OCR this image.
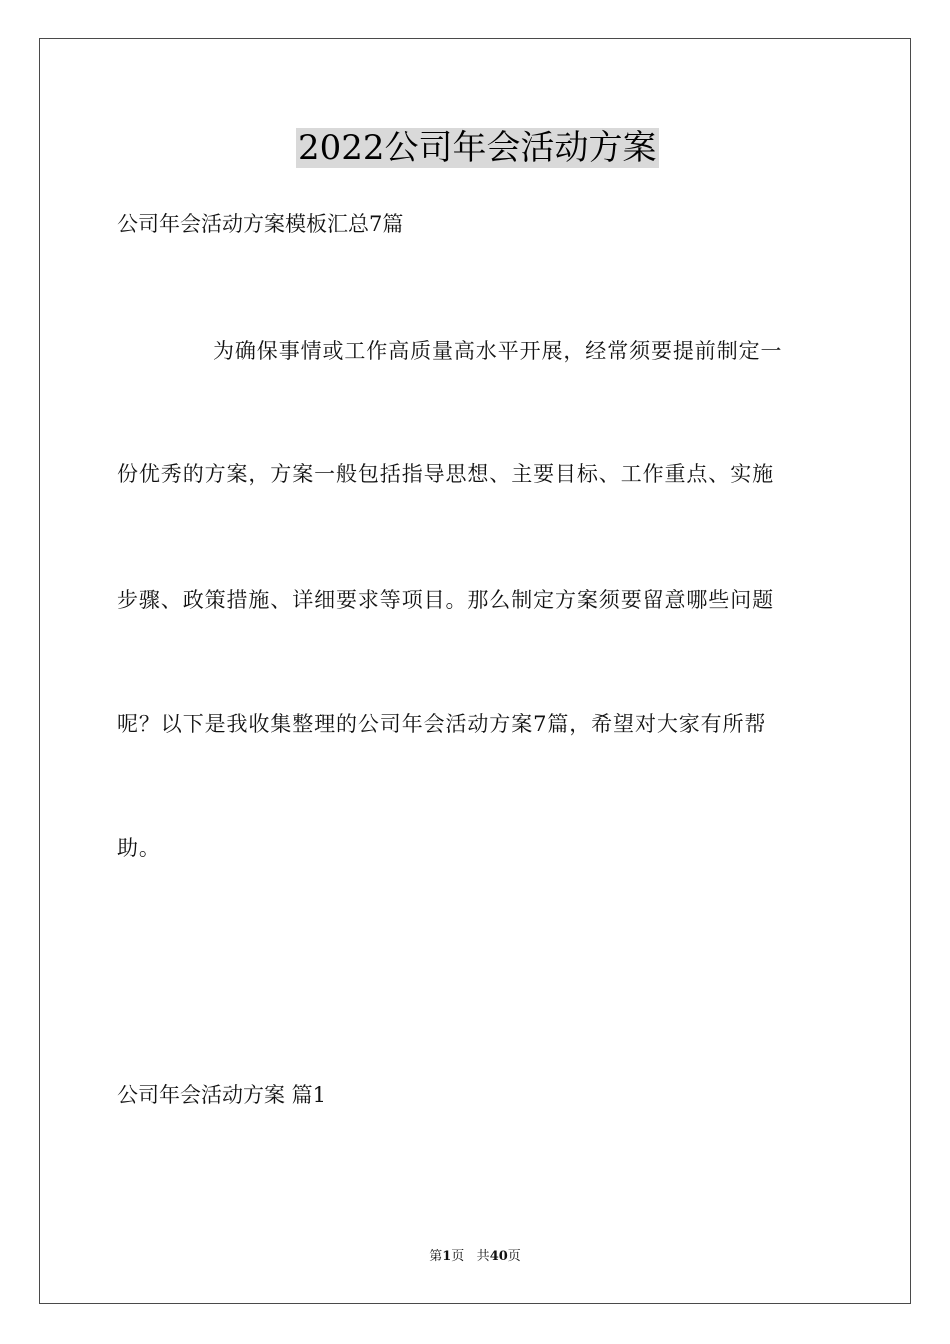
2022公司年会活动方案
公司年会活动方案模板汇总7篇
为确保事情或工作高质量高水平开展，经常须要提前制定一
份优秀的方案，方案一般包括指导思想、主要目标、工作重点、实施
步骤、政策措施、详细要求等项目。那么制定方案须要留意哪些问题
呢？以下是我收集整理的公司年会活动方案7篇，希望对大家有所帮
助。
公司年会活动方案 篇1
第1页 共40页
